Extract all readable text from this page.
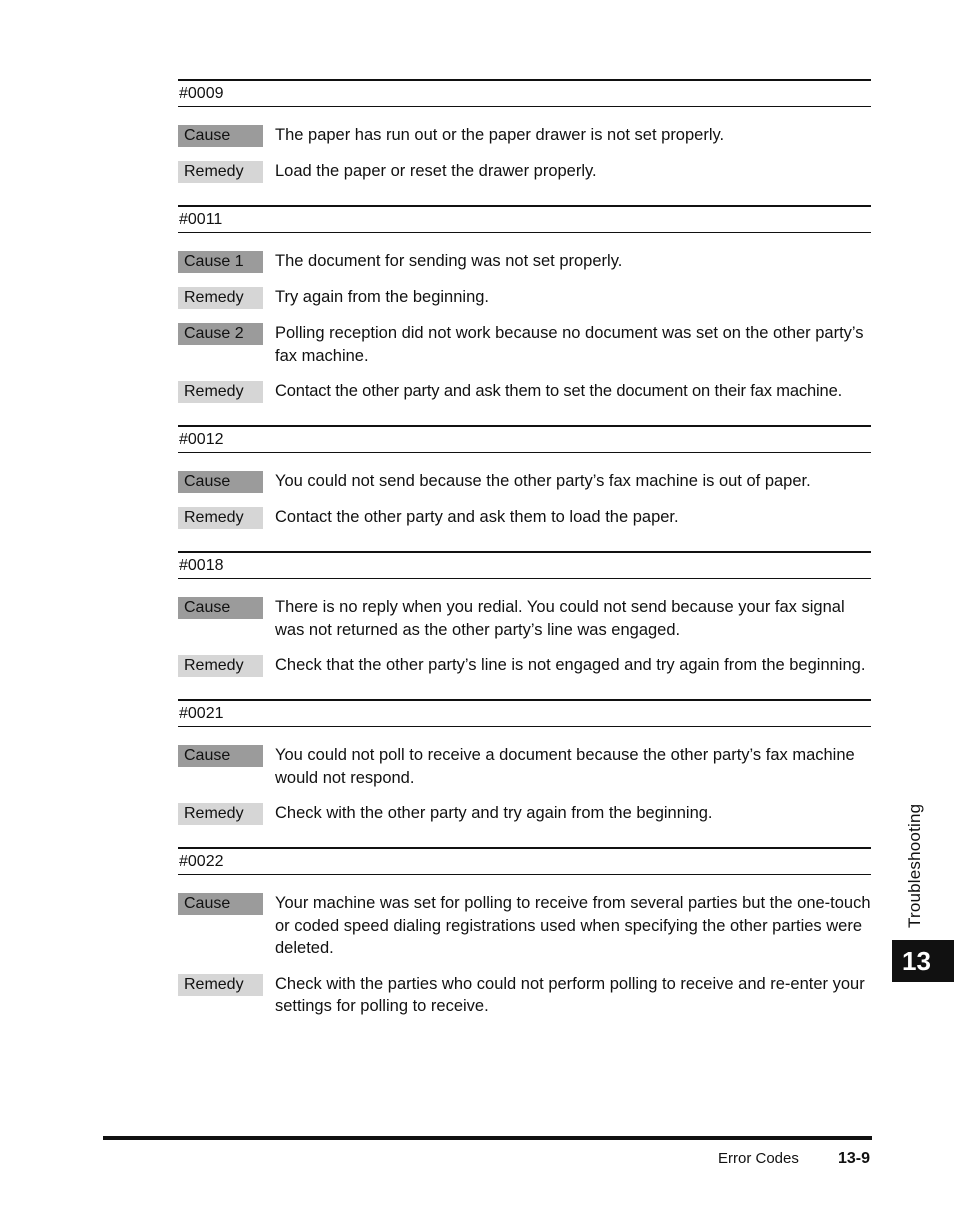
#0009
Cause	The paper has run out or the paper drawer is not set properly.
Remedy	Load the paper or reset the drawer properly.
#0011
Cause 1	The document for sending was not set properly.
Remedy	Try again from the beginning.
Cause 2	Polling reception did not work because no document was set on the other party’s fax machine.
Remedy	Contact the other party and ask them to set the document on their fax machine.
#0012
Cause	You could not send because the other party’s fax machine is out of paper.
Remedy	Contact the other party and ask them to load the paper.
#0018
Cause	There is no reply when you redial. You could not send because your fax signal was not returned as the other party’s line was engaged.
Remedy	Check that the other party’s line is not engaged and try again from the beginning.
#0021
Cause	You could not poll to receive a document because the other party’s fax machine would not respond.
Remedy	Check with the other party and try again from the beginning.
#0022
Cause	Your machine was set for polling to receive from several parties but the one-touch or coded speed dialing registrations used when specifying the other parties were deleted.
Remedy	Check with the parties who could not perform polling to receive and re-enter your settings for polling to receive.
Troubleshooting
13
Error Codes 13-9
